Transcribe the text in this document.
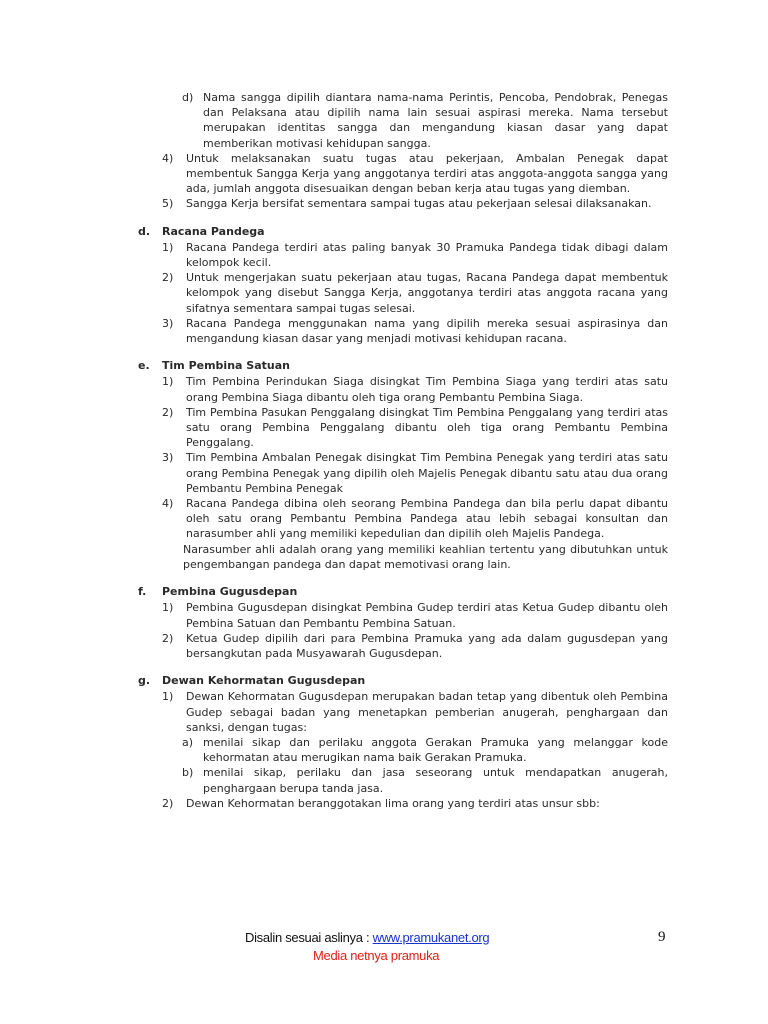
d) Nama sangga dipilih diantara nama-nama Perintis, Pencoba, Pendobrak, Penegas dan Pelaksana atau dipilih nama lain sesuai aspirasi mereka. Nama tersebut merupakan identitas sangga dan mengandung kiasan dasar yang dapat memberikan motivasi kehidupan sangga.
4)	Untuk melaksanakan suatu tugas atau pekerjaan, Ambalan Penegak dapat membentuk Sangga Kerja yang anggotanya terdiri atas anggota-anggota sangga yang ada, jumlah anggota disesuaikan dengan beban kerja atau tugas yang diemban.
5)	Sangga Kerja bersifat sementara sampai tugas atau pekerjaan selesai dilaksanakan.
d.	Racana Pandega
1)	Racana Pandega terdiri atas paling banyak 30 Pramuka Pandega tidak dibagi dalam kelompok kecil.
2)	Untuk mengerjakan suatu pekerjaan atau tugas, Racana Pandega dapat membentuk kelompok yang disebut Sangga Kerja, anggotanya terdiri atas anggota racana yang sifatnya sementara sampai tugas selesai.
3)	Racana Pandega menggunakan nama yang dipilih mereka sesuai aspirasinya dan mengandung kiasan dasar yang menjadi motivasi kehidupan racana.
e.	Tim Pembina Satuan
1)	Tim Pembina Perindukan Siaga disingkat Tim Pembina Siaga yang terdiri atas satu orang Pembina Siaga dibantu oleh tiga orang Pembantu Pembina Siaga.
2)	Tim Pembina Pasukan Penggalang disingkat Tim Pembina Penggalang yang terdiri atas satu orang Pembina Penggalang dibantu oleh tiga orang Pembantu Pembina Penggalang.
3)	Tim Pembina Ambalan Penegak disingkat Tim Pembina Penegak yang terdiri atas satu orang Pembina Penegak yang dipilih oleh Majelis Penegak dibantu satu atau dua orang Pembantu Pembina Penegak
4)	Racana Pandega dibina oleh seorang Pembina Pandega dan bila perlu dapat dibantu oleh satu orang Pembantu Pembina Pandega atau lebih sebagai konsultan dan narasumber ahli yang memiliki kepedulian dan dipilih oleh Majelis Pandega.
Narasumber ahli adalah orang yang memiliki keahlian tertentu yang dibutuhkan untuk pengembangan pandega dan dapat memotivasi orang lain.
f.	Pembina Gugusdepan
1)	Pembina Gugusdepan disingkat Pembina Gudep terdiri atas Ketua Gudep dibantu oleh Pembina Satuan dan Pembantu Pembina Satuan.
2)	Ketua Gudep dipilih dari para Pembina Pramuka yang ada dalam gugusdepan yang bersangkutan pada Musyawarah Gugusdepan.
g.	Dewan Kehormatan Gugusdepan
1)	Dewan Kehormatan Gugusdepan merupakan badan tetap yang dibentuk oleh Pembina Gudep sebagai badan yang menetapkan pemberian anugerah, penghargaan dan sanksi, dengan tugas:
a) menilai sikap dan perilaku anggota Gerakan Pramuka yang melanggar kode kehormatan atau merugikan nama baik Gerakan Pramuka.
b) menilai sikap, perilaku dan jasa seseorang untuk mendapatkan anugerah, penghargaan berupa tanda jasa.
2)	Dewan Kehormatan beranggotakan lima orang yang terdiri atas unsur sbb:
Disalin sesuai aslinya : www.pramukanet.org
Media netnya pramuka
9
